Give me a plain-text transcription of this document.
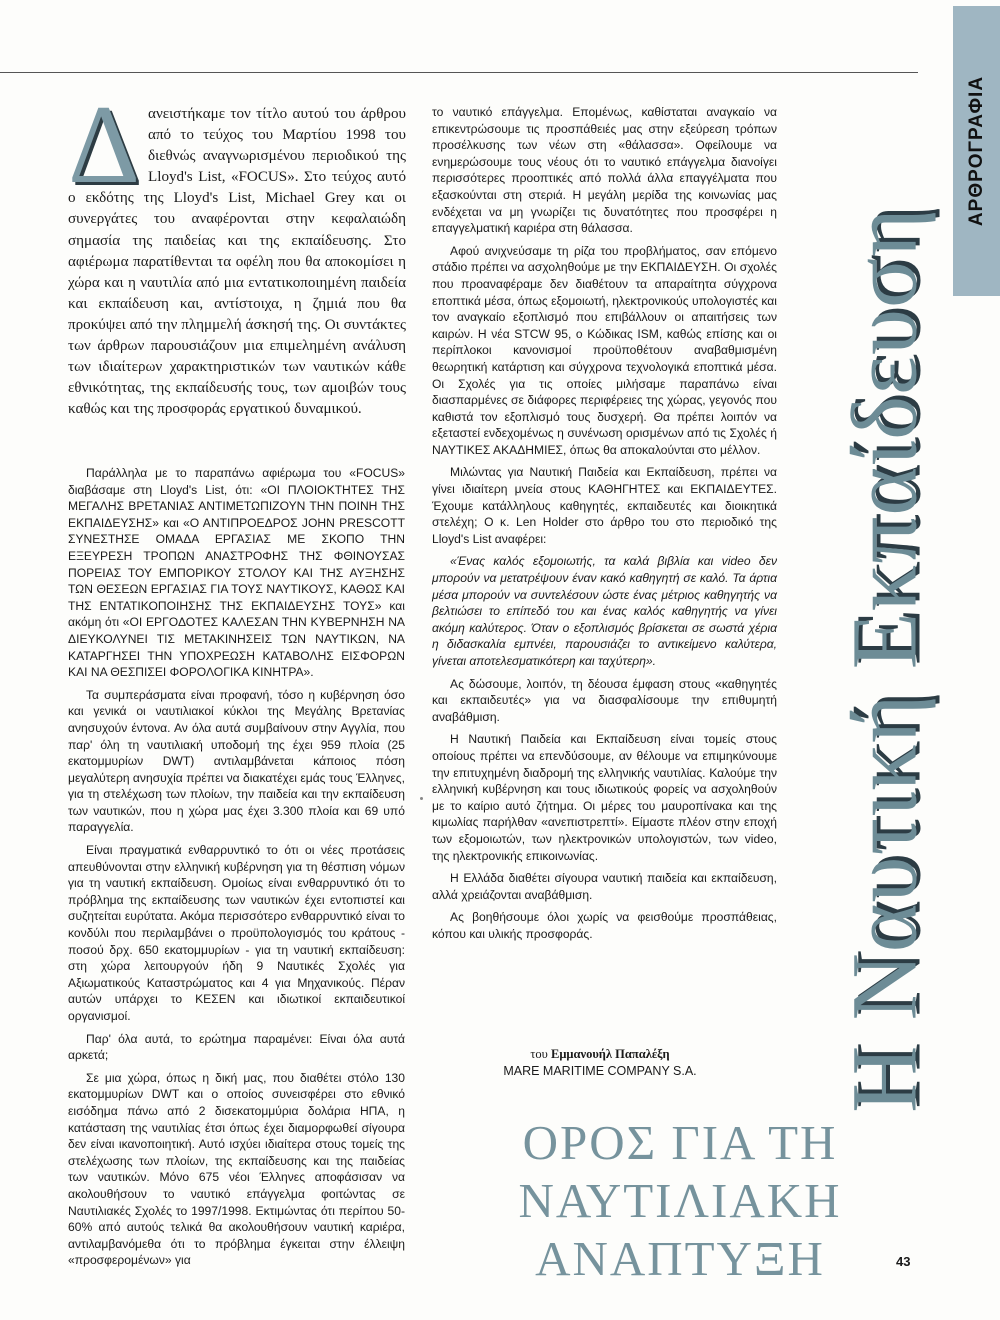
ΑΡΘΡΟΓΡΑΦΙΑ
Η Ναυτική Εκπαίδευση

Δανειστήκαμε τον τίτλο αυτού του άρθρου από το τεύχος του Μαρτίου 1998 του διεθνώς αναγνωρισμένου περιοδικού της Lloyd's List, «FOCUS». Στο τεύχος αυτό ο εκδότης της Lloyd's List, Michael Grey και οι συνεργάτες του αναφέρονται στην κεφαλαιώδη σημασία της παιδείας και της εκπαίδευσης. Στο αφιέρωμα παρατίθενται τα οφέλη που θα αποκομίσει η χώρα και η ναυτιλία από μια εντατικοποιημένη παιδεία και εκπαίδευση και, αντίστοιχα, η ζημιά που θα προκύψει από την πλημμελή άσκησή της. Οι συντάκτες των άρθρων παρουσιάζουν μια επιμελημένη ανάλυση των ιδιαίτερων χαρακτηριστικών των ναυτικών κάθε εθνικότητας, της εκπαίδευσής τους, των αμοιβών τους καθώς και της προσφοράς εργατικού δυναμικού.

Παράλληλα με το παραπάνω αφιέρωμα του «FOCUS» διαβάσαμε στη Lloyd's List, ότι: «ΟΙ ΠΛΟΙΟΚΤΗΤΕΣ ΤΗΣ ΜΕΓΑΛΗΣ ΒΡΕΤΑΝΙΑΣ ΑΝΤΙΜΕΤΩΠΙΖΟΥΝ ΤΗΝ ΠΟΙΝΗ ΤΗΣ ΕΚΠΑΙΔΕΥΣΗΣ» και «Ο ΑΝΤΙΠΡΟΕΔΡΟΣ JOHN PRESCOTT ΣΥΝΕΣΤΗΣΕ ΟΜΑΔΑ ΕΡΓΑΣΙΑΣ ΜΕ ΣΚΟΠΟ ΤΗΝ ΕΞΕΥΡΕΣΗ ΤΡΟΠΩΝ ΑΝΑΣΤΡΟΦΗΣ ΤΗΣ ΦΘΙΝΟΥΣΑΣ ΠΟΡΕΙΑΣ ΤΟΥ ΕΜΠΟΡΙΚΟΥ ΣΤΟΛΟΥ ΚΑΙ ΤΗΣ ΑΥΞΗΣΗΣ ΤΩΝ ΘΕΣΕΩΝ ΕΡΓΑΣΙΑΣ ΓΙΑ ΤΟΥΣ ΝΑΥΤΙΚΟΥΣ, ΚΑΘΩΣ ΚΑΙ ΤΗΣ ΕΝΤΑΤΙΚΟΠΟΙΗΣΗΣ ΤΗΣ ΕΚΠΑΙΔΕΥΣΗΣ ΤΟΥΣ» και ακόμη ότι «ΟΙ ΕΡΓΟΔΟΤΕΣ ΚΑΛΕΣΑΝ ΤΗΝ ΚΥΒΕΡΝΗΣΗ ΝΑ ΔΙΕΥΚΟΛΥΝΕΙ ΤΙΣ ΜΕΤΑΚΙΝΗΣΕΙΣ ΤΩΝ ΝΑΥΤΙΚΩΝ, ΝΑ ΚΑΤΑΡΓΗΣΕΙ ΤΗΝ ΥΠΟΧΡΕΩΣΗ ΚΑΤΑΒΟΛΗΣ ΕΙΣΦΟΡΩΝ ΚΑΙ ΝΑ ΘΕΣΠΙΣΕΙ ΦΟΡΟΛΟΓΙΚΑ ΚΙΝΗΤΡΑ».

Τα συμπεράσματα είναι προφανή, τόσο η κυβέρνηση όσο και γενικά οι ναυτιλιακοί κύκλοι της Μεγάλης Βρετανίας ανησυχούν έντονα. Αν όλα αυτά συμβαίνουν στην Αγγλία, που παρ' όλη τη ναυτιλιακή υποδομή της έχει 959 πλοία (25 εκατομμυρίων DWT) αντιλαμβάνεται κάποιος πόση μεγαλύτερη ανησυχία πρέπει να διακατέχει εμάς τους Έλληνες, για τη στελέχωση των πλοίων, την παιδεία και την εκπαίδευση των ναυτικών, που η χώρα μας έχει 3.300 πλοία και 69 υπό παραγγελία.

Είναι πραγματικά ενθαρρυντικό το ότι οι νέες προτάσεις απευθύνονται στην ελληνική κυβέρνηση για τη θέσπιση νόμων για τη ναυτική εκπαίδευση. Ομοίως είναι ενθαρρυντικό ότι το πρόβλημα της εκπαίδευσης των ναυτικών έχει εντοπιστεί και συζητείται ευρύτατα. Ακόμα περισσότερο ενθαρρυντικό είναι το κονδύλι που περιλαμβάνει ο προϋπολογισμός του κράτους - ποσού δρχ. 650 εκατομμυρίων - για τη ναυτική εκπαίδευση: στη χώρα λειτουργούν ήδη 9 Ναυτικές Σχολές για Αξιωματικούς Καταστρώματος και 4 για Μηχανικούς. Πέραν αυτών υπάρχει το ΚΕΣΕΝ και ιδιωτικοί εκπαιδευτικοί οργανισμοί.

Παρ' όλα αυτά, το ερώτημα παραμένει: Είναι όλα αυτά αρκετά;

Σε μια χώρα, όπως η δική μας, που διαθέτει στόλο 130 εκατομμυρίων DWT και ο οποίος συνεισφέρει στο εθνικό εισόδημα πάνω από 2 δισεκατομμύρια δολάρια ΗΠΑ, η κατάσταση της ναυτιλίας έτσι όπως έχει διαμορφωθεί σίγουρα δεν είναι ικανοποιητική. Αυτό ισχύει ιδιαίτερα στους τομείς της στελέχωσης των πλοίων, της εκπαίδευσης και της παιδείας των ναυτικών. Μόνο 675 νέοι Έλληνες αποφάσισαν να ακολουθήσουν το ναυτικό επάγγελμα φοιτώντας σε Ναυτιλιακές Σχολές το 1997/1998. Εκτιμώντας ότι περίπου 50-60% από αυτούς τελικά θα ακολουθήσουν ναυτική καριέρα, αντιλαμβανόμεθα ότι το πρόβλημα έγκειται στην έλλειψη «προσφερομένων» για

το ναυτικό επάγγελμα. Επομένως, καθίσταται αναγκαίο να επικεντρώσουμε τις προσπάθειές μας στην εξεύρεση τρόπων προσέλκυσης των νέων στη «θάλασσα». Οφείλουμε να ενημερώσουμε τους νέους ότι το ναυτικό επάγγελμα διανοίγει περισσότερες προοπτικές από πολλά άλλα επαγγέλματα που εξασκούνται στη στεριά. Η μεγάλη μερίδα της κοινωνίας μας ενδέχεται να μη γνωρίζει τις δυνατότητες που προσφέρει η επαγγελματική καριέρα στη θάλασσα.

Αφού ανιχνεύσαμε τη ρίζα του προβλήματος, σαν επόμενο στάδιο πρέπει να ασχοληθούμε με την ΕΚΠΑΙΔΕΥΣΗ. Οι σχολές που προαναφέραμε δεν διαθέτουν τα απαραίτητα σύγχρονα εποπτικά μέσα, όπως εξομοιωτή, ηλεκτρονικούς υπολογιστές και τον αναγκαίο εξοπλισμό που επιβάλλουν οι απαιτήσεις των καιρών. Η νέα STCW 95, ο Κώδικας ISM, καθώς επίσης και οι περίπλοκοι κανονισμοί προϋποθέτουν αναβαθμισμένη θεωρητική κατάρτιση και σύγχρονα τεχνολογικά εποπτικά μέσα. Οι Σχολές για τις οποίες μιλήσαμε παραπάνω είναι διασπαρμένες σε διάφορες περιφέρειες της χώρας, γεγονός που καθιστά τον εξοπλισμό τους δυσχερή. Θα πρέπει λοιπόν να εξεταστεί ενδεχομένως η συνένωση ορισμένων από τις Σχολές ή ΝΑΥΤΙΚΕΣ ΑΚΑΔΗΜΙΕΣ, όπως θα αποκαλούνται στο μέλλον.

Μιλώντας για Ναυτική Παιδεία και Εκπαίδευση, πρέπει να γίνει ιδιαίτερη μνεία στους ΚΑΘΗΓΗΤΕΣ και ΕΚΠΑΙΔΕΥΤΕΣ. Έχουμε κατάλληλους καθηγητές, εκπαιδευτές και διοικητικά στελέχη; Ο κ. Len Holder στο άρθρο του στο περιοδικό της Lloyd's List αναφέρει:

«Ένας καλός εξομοιωτής, τα καλά βιβλία και video δεν μπορούν να μετατρέψουν έναν κακό καθηγητή σε καλό. Τα άρτια μέσα μπορούν να συντελέσουν ώστε ένας μέτριος καθηγητής να βελτιώσει το επίπεδό του και ένας καλός καθηγητής να γίνει ακόμη καλύτερος. Όταν ο εξοπλισμός βρίσκεται σε σωστά χέρια η διδασκαλία εμπνέει, παρουσιάζει το αντικείμενο καλύτερα, γίνεται αποτελεσματικότερη και ταχύτερη».

Ας δώσουμε, λοιπόν, τη δέουσα έμφαση στους «καθηγητές και εκπαιδευτές» για να διασφαλίσουμε την επιθυμητή αναβάθμιση.

Η Ναυτική Παιδεία και Εκπαίδευση είναι τομείς στους οποίους πρέπει να επενδύσουμε, αν θέλουμε να επιμηκύνουμε την επιτυχημένη διαδρομή της ελληνικής ναυτιλίας. Καλούμε την ελληνική κυβέρνηση και τους ιδιωτικούς φορείς να ασχοληθούν με το καίριο αυτό ζήτημα. Οι μέρες του μαυροπίνακα και της κιμωλίας παρήλθαν «ανεπιστρεπτί». Είμαστε πλέον στην εποχή των εξομοιωτών, των ηλεκτρονικών υπολογιστών, των video, της ηλεκτρονικής επικοινωνίας.

Η Ελλάδα διαθέτει σίγουρα ναυτική παιδεία και εκπαίδευση, αλλά χρειάζονται αναβάθμιση.

Ας βοηθήσουμε όλοι χωρίς να φεισθούμε προσπάθειας, κόπου και υλικής προσφοράς.

του Εμμανουήλ Παπαλέξη
MARE MARITIME COMPANY S.A.
ΟΡΟΣ ΓΙΑ ΤΗ
ΝΑΥΤΙΛΙΑΚΗ ΑΝΑΠΤΥΞΗ	43
